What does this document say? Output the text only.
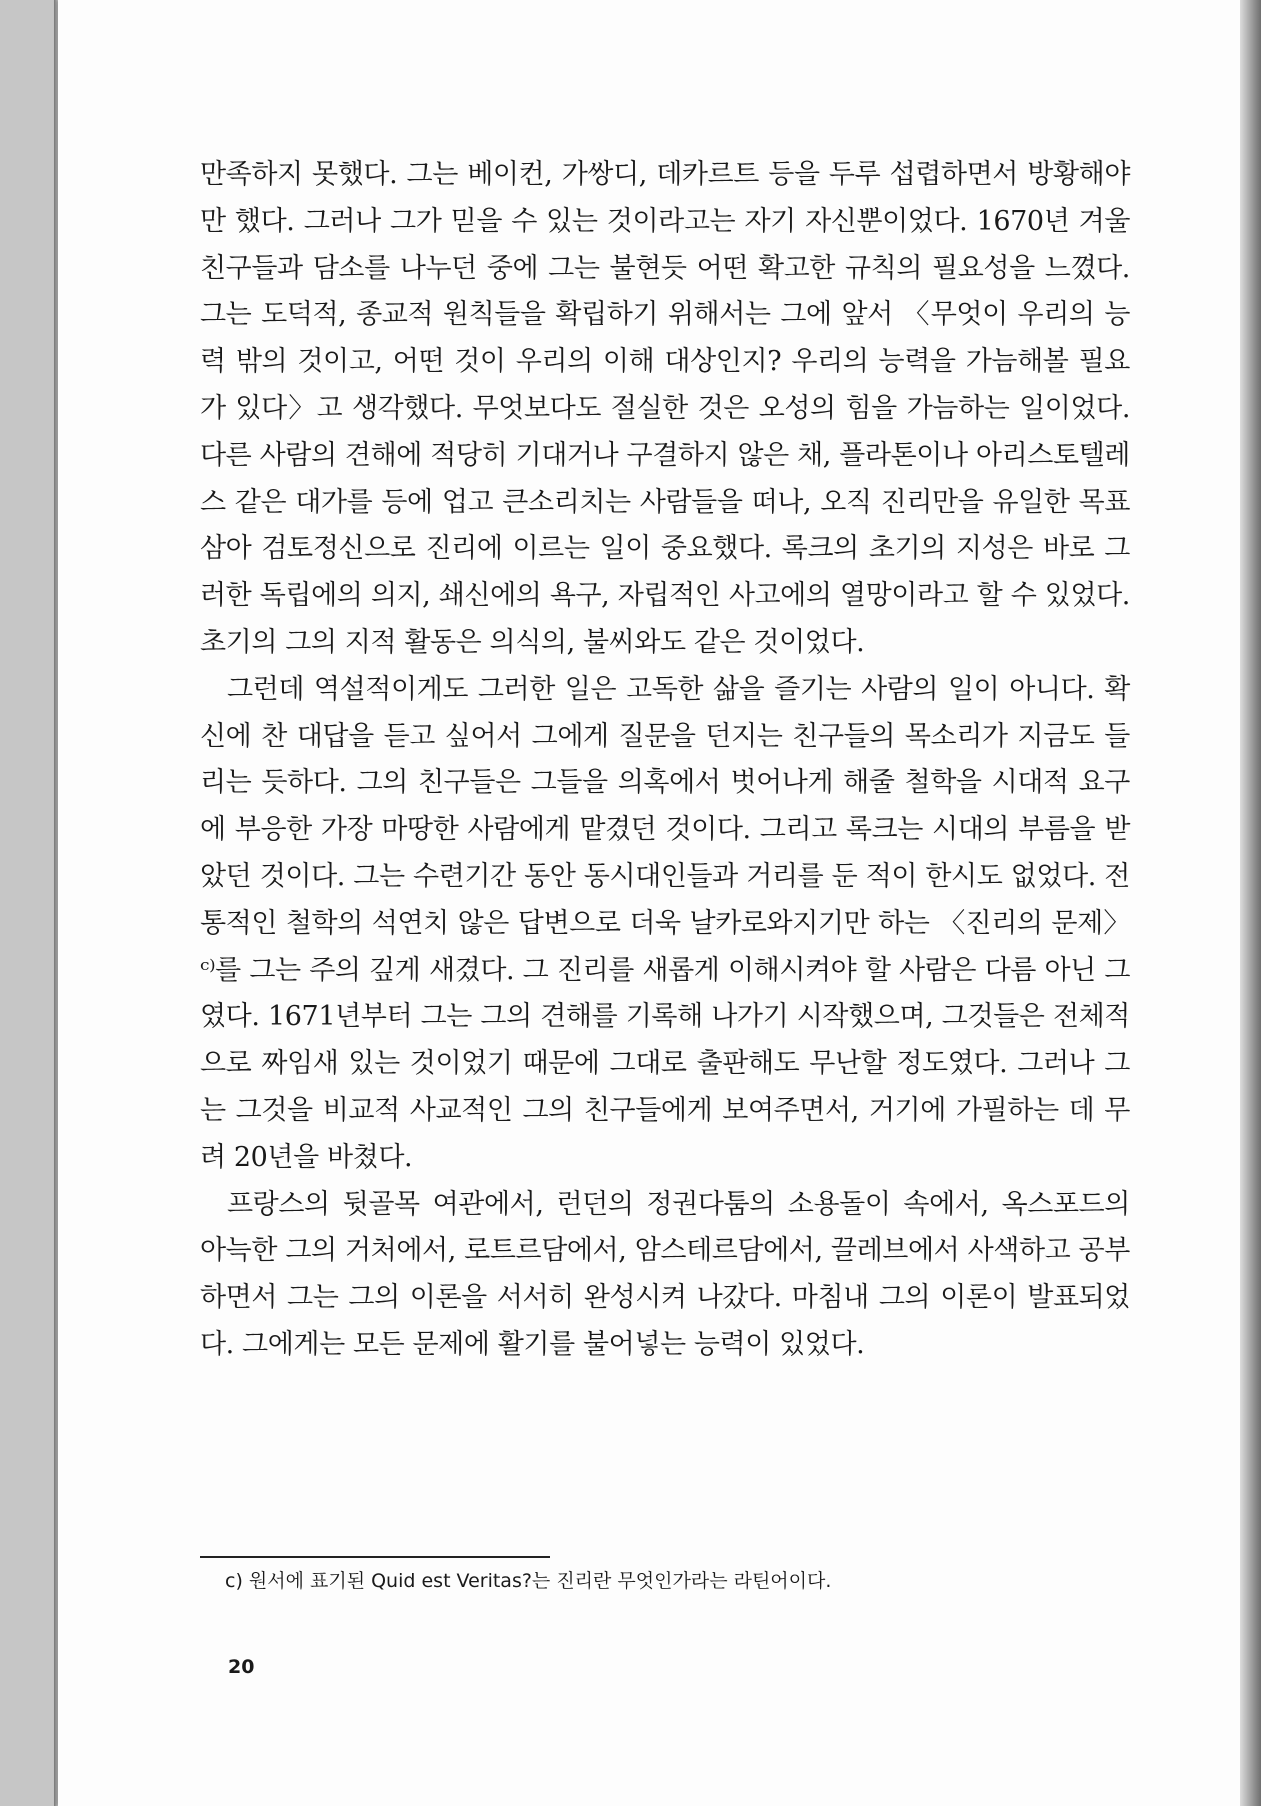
만족하지 못했다. 그는 베이컨, 가쌍디, 데카르트 등을 두루 섭렵하면서 방황해야만 했다. 그러나 그가 믿을 수 있는 것이라고는 자기 자신뿐이었다. 1670년 겨울 친구들과 담소를 나누던 중에 그는 불현듯 어떤 확고한 규칙의 필요성을 느꼈다. 그는 도덕적, 종교적 원칙들을 확립하기 위해서는 그에 앞서 〈무엇이 우리의 능력 밖의 것이고, 어떤 것이 우리의 이해 대상인지? 우리의 능력을 가늠해볼 필요가 있다〉고 생각했다. 무엇보다도 절실한 것은 오성의 힘을 가늠하는 일이었다. 다른 사람의 견해에 적당히 기대거나 구결하지 않은 채, 플라톤이나 아리스토텔레스 같은 대가를 등에 업고 큰소리치는 사람들을 떠나, 오직 진리만을 유일한 목표삼아 검토정신으로 진리에 이르는 일이 중요했다. 록크의 초기의 지성은 바로 그러한 독립에의 의지, 쇄신에의 욕구, 자립적인 사고에의 열망이라고 할 수 있었다. 초기의 그의 지적 활동은 의식의, 불씨와도 같은 것이었다.

그런데 역설적이게도 그러한 일은 고독한 삶을 즐기는 사람의 일이 아니다. 확신에 찬 대답을 듣고 싶어서 그에게 질문을 던지는 친구들의 목소리가 지금도 들리는 듯하다. 그의 친구들은 그들을 의혹에서 벗어나게 해줄 철학을 시대적 요구에 부응한 가장 마땅한 사람에게 맡겼던 것이다. 그리고 록크는 시대의 부름을 받았던 것이다. 그는 수련기간 동안 동시대인들과 거리를 둔 적이 한시도 없었다. 전통적인 철학의 석연치 않은 답변으로 더욱 날카로와지기만 하는 〈진리의 문제〉ᶜ⁾를 그는 주의 깊게 새겼다. 그 진리를 새롭게 이해시켜야 할 사람은 다름 아닌 그였다. 1671년부터 그는 그의 견해를 기록해 나가기 시작했으며, 그것들은 전체적으로 짜임새 있는 것이었기 때문에 그대로 출판해도 무난할 정도였다. 그러나 그는 그것을 비교적 사교적인 그의 친구들에게 보여주면서, 거기에 가필하는 데 무려 20년을 바쳤다.

프랑스의 뒷골목 여관에서, 런던의 정권다툼의 소용돌이 속에서, 옥스포드의 아늑한 그의 거처에서, 로트르담에서, 암스테르담에서, 끌레브에서 사색하고 공부하면서 그는 그의 이론을 서서히 완성시켜 나갔다. 마침내 그의 이론이 발표되었다. 그에게는 모든 문제에 활기를 불어넣는 능력이 있었다.

c) 원서에 표기된 Quid est Veritas?는 진리란 무엇인가라는 라틴어이다.
20
